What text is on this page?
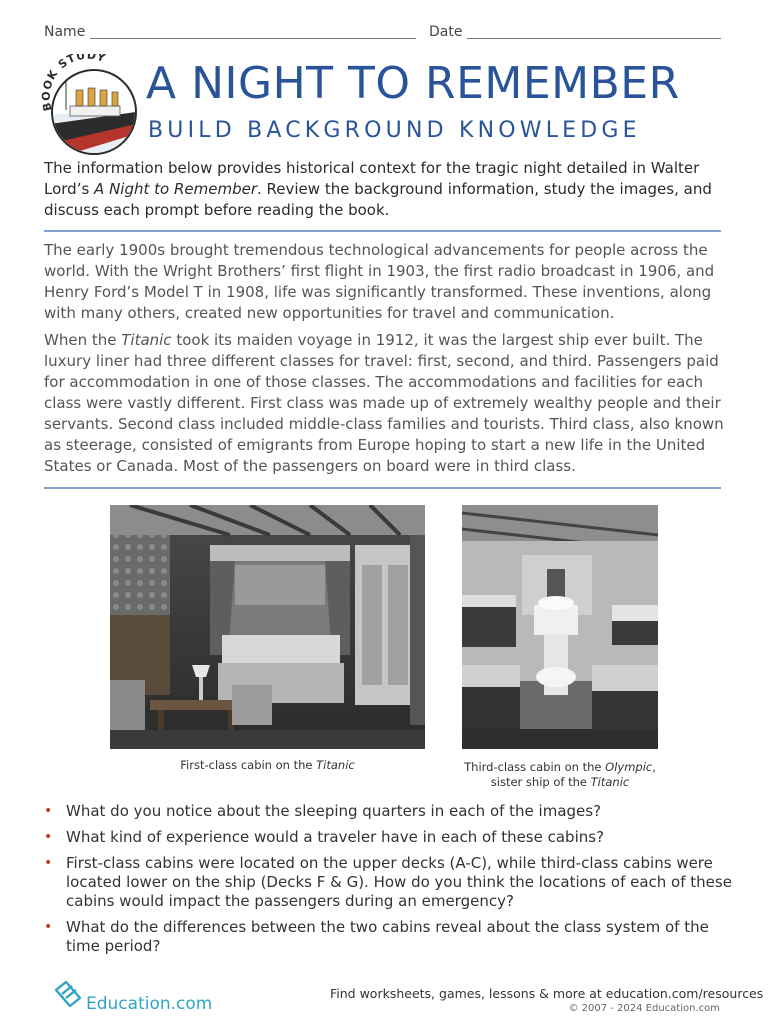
Name	Date
BOOK STUDY
A NIGHT TO REMEMBER
BUILD BACKGROUND KNOWLEDGE

The information below provides historical context for the tragic night detailed in Walter Lord’s A Night to Remember. Review the background information, study the images, and discuss each prompt before reading the book.

The early 1900s brought tremendous technological advancements for people across the world. With the Wright Brothers’ first flight in 1903, the first radio broadcast in 1906, and Henry Ford’s Model T in 1908, life was significantly transformed. These inventions, along with many others, created new opportunities for travel and communication.

When the Titanic took its maiden voyage in 1912, it was the largest ship ever built. The luxury liner had three different classes for travel: first, second, and third. Passengers paid for accommodation in one of those classes. The accommodations and facilities for each class were vastly different. First class was made up of extremely wealthy people and their servants. Second class included middle-class families and tourists. Third class, also known as steerage, consisted of emigrants from Europe hoping to start a new life in the United States or Canada. Most of the passengers on board were in third class.

First-class cabin on the Titanic	Third-class cabin on the Olympic,
sister ship of the Titanic
• What do you notice about the sleeping quarters in each of the images?
• What kind of experience would a traveler have in each of these cabins?
• First-class cabins were located on the upper decks (A-C), while third-class cabins were located lower on the ship (Decks F & G). How do you think the locations of each of these cabins would impact the passengers during an emergency?
• What do the differences between the two cabins reveal about the class system of the time period?
Education.com
Find worksheets, games, lessons & more at education.com/resources
© 2007 - 2024 Education.com
